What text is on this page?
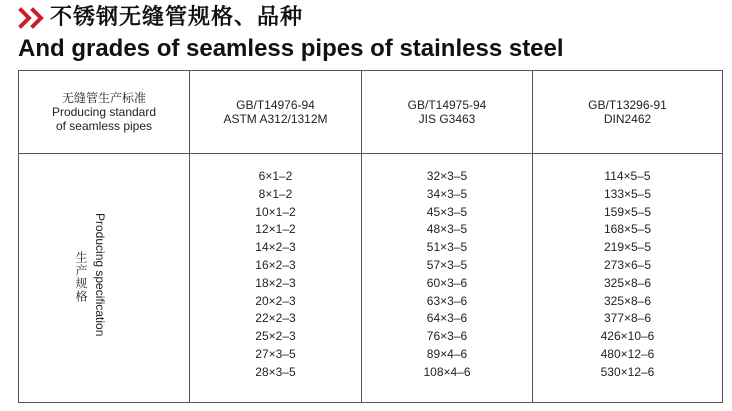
不锈钢无缝管规格、品种
And grades of seamless pipes of stainless steel
无缝管生产标准
Producing standard
of seamless pipes
GB/T14976-94
ASTM A312/1312M
GB/T14975-94
JIS G3463
GB/T13296-91
DIN2462
Producing specification
生产规格
6×1–2
8×1–2
10×1–2
12×1–2
14×2–3
16×2–3
18×2–3
20×2–3
22×2–3
25×2–3
27×3–5
28×3–5
32×3–5
34×3–5
45×3–5
48×3–5
51×3–5
57×3–5
60×3–6
63×3–6
64×3–6
76×3–6
89×4–6
108×4–6
114×5–5
133×5–5
159×5–5
168×5–5
219×5–5
273×6–5
325×8–6
325×8–6
377×8–6
426×10–6
480×12–6
530×12–6
